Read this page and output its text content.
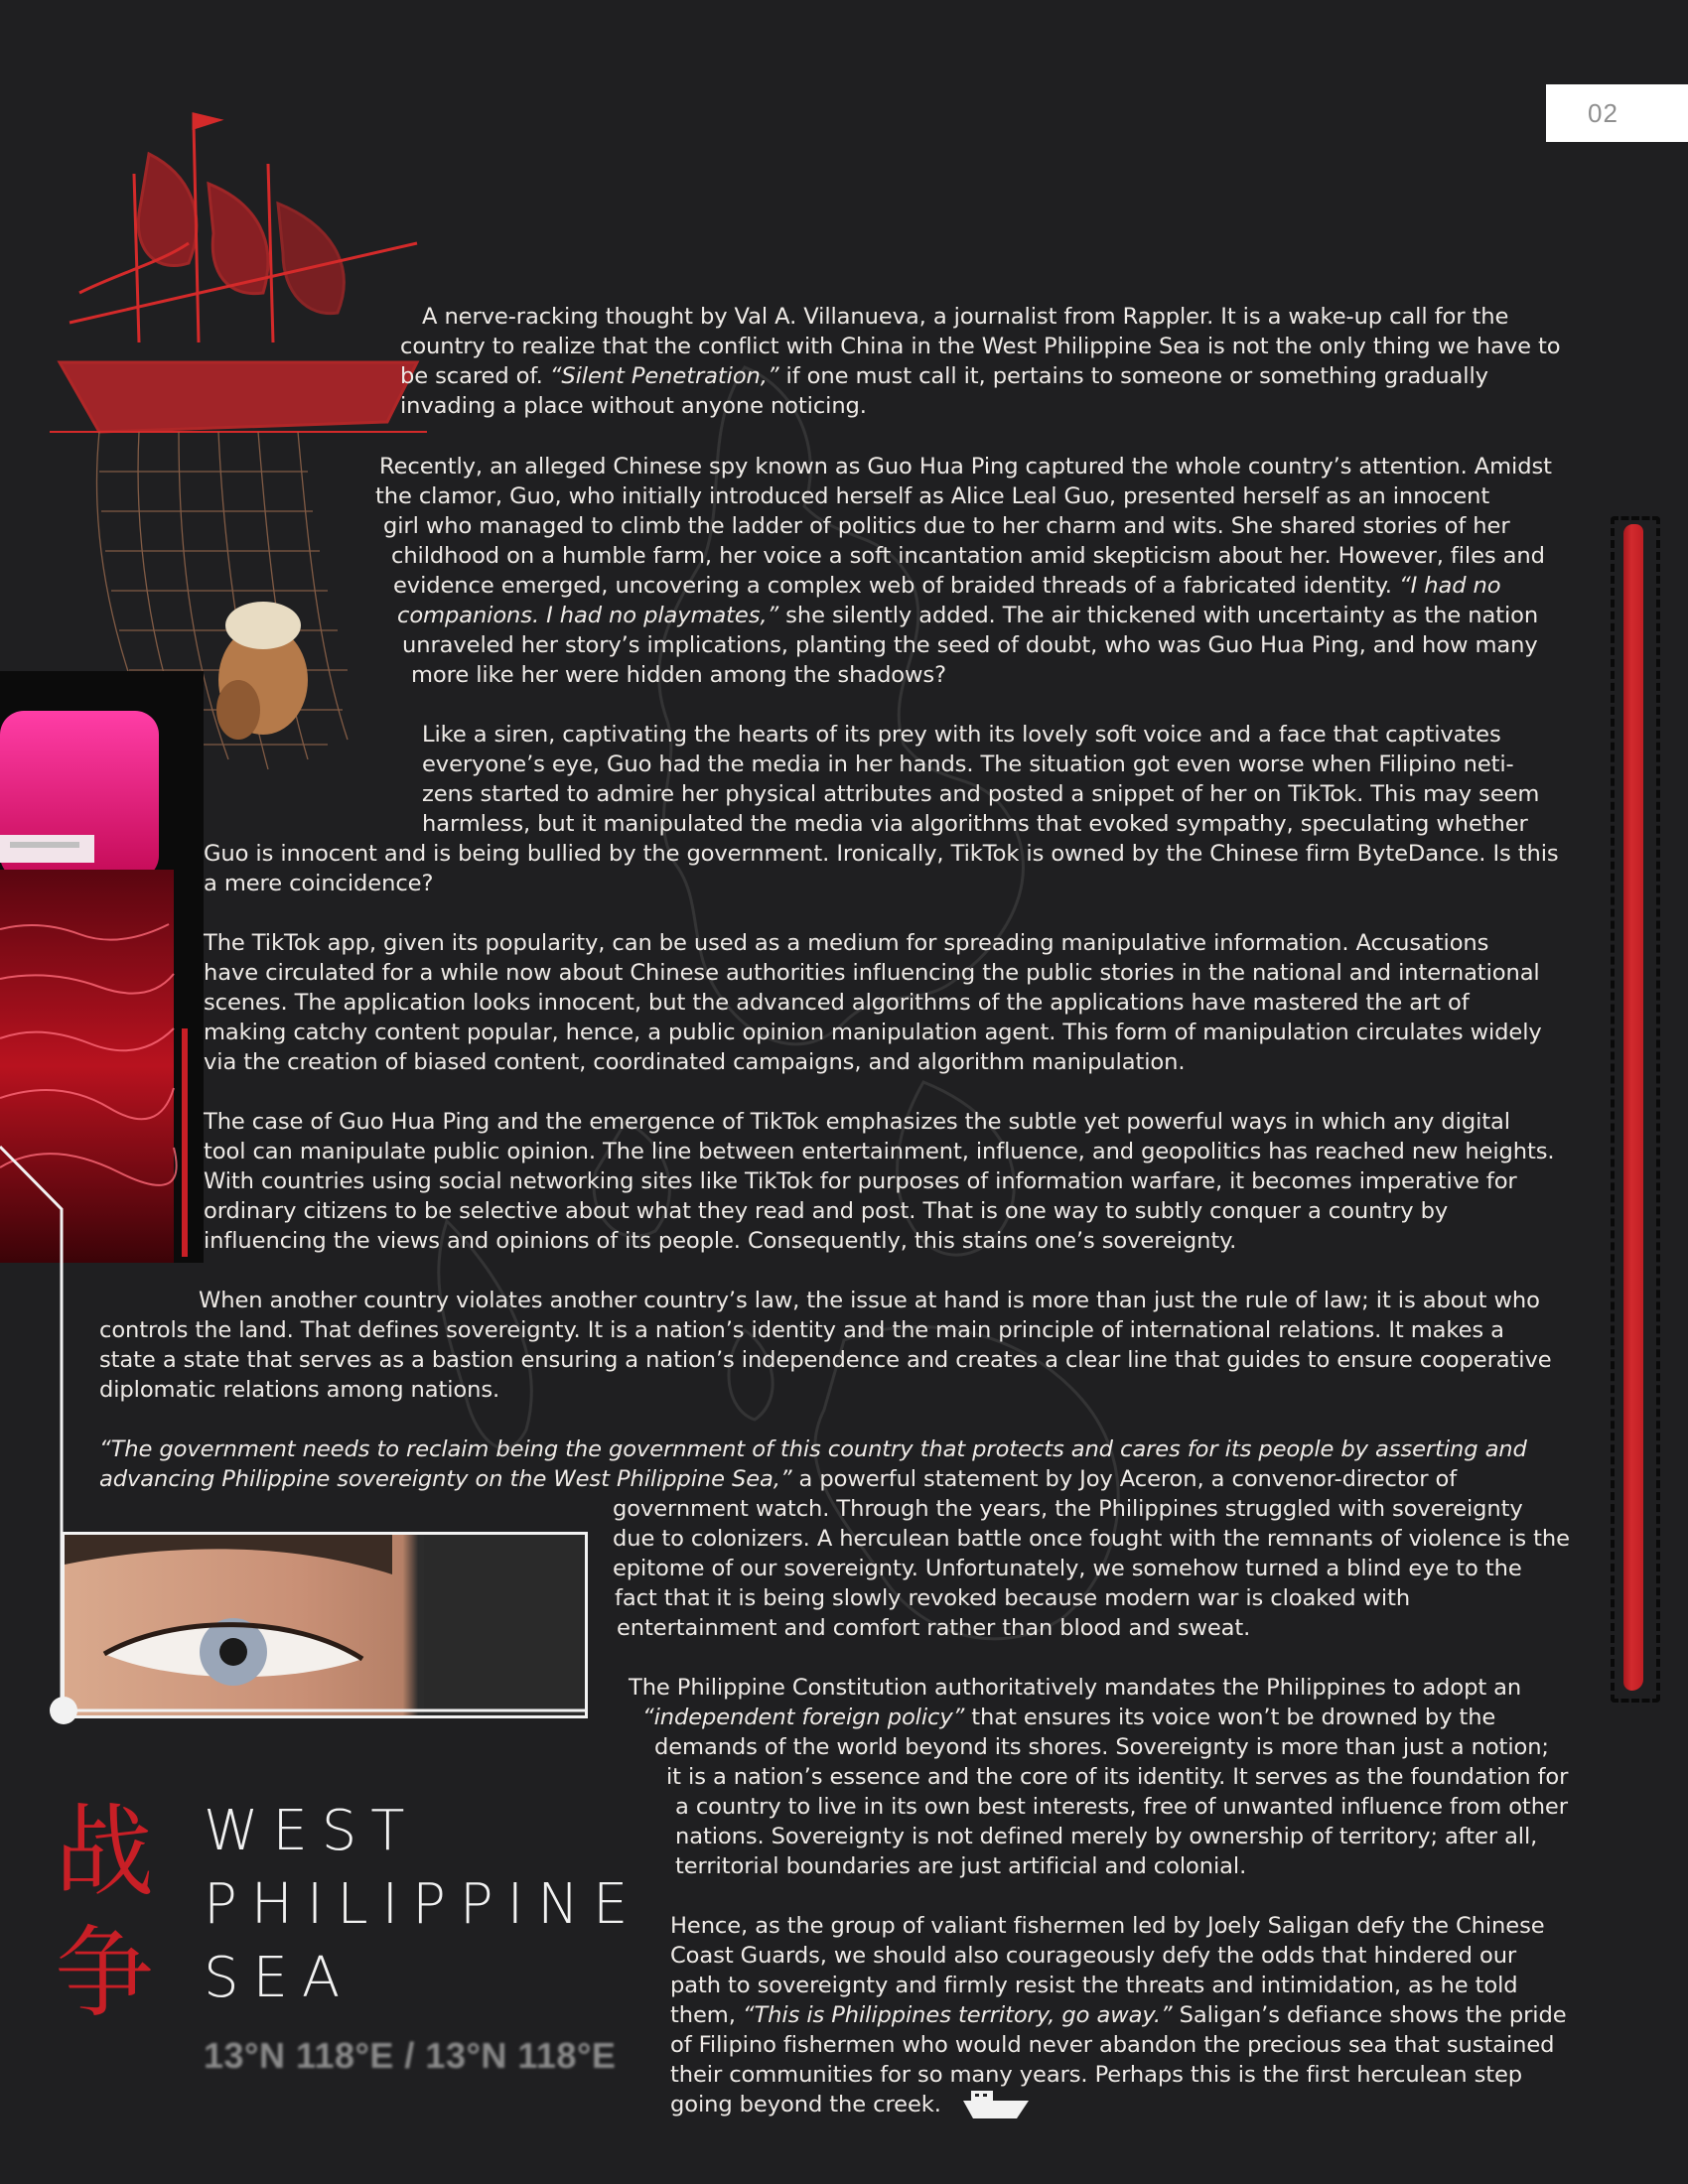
02

A nerve-racking thought by Val A. Villanueva, a journalist from Rappler. It is a wake-up call for the
country to realize that the conflict with China in the West Philippine Sea is not the only thing we have to
be scared of. “Silent Penetration,” if one must call it, pertains to someone or something gradually
invading a place without anyone noticing.

Recently, an alleged Chinese spy known as Guo Hua Ping captured the whole country’s attention. Amidst
the clamor, Guo, who initially introduced herself as Alice Leal Guo, presented herself as an innocent
girl who managed to climb the ladder of politics due to her charm and wits. She shared stories of her
childhood on a humble farm, her voice a soft incantation amid skepticism about her. However, files and
evidence emerged, uncovering a complex web of braided threads of a fabricated identity. “I had no
companions. I had no playmates,” she silently added. The air thickened with uncertainty as the nation
unraveled her story’s implications, planting the seed of doubt, who was Guo Hua Ping, and how many
more like her were hidden among the shadows?

Like a siren, captivating the hearts of its prey with its lovely soft voice and a face that captivates
everyone’s eye, Guo had the media in her hands. The situation got even worse when Filipino neti-
zens started to admire her physical attributes and posted a snippet of her on TikTok. This may seem
harmless, but it manipulated the media via algorithms that evoked sympathy, speculating whether
Guo is innocent and is being bullied by the government. Ironically, TikTok is owned by the Chinese firm ByteDance. Is this
a mere coincidence?

The TikTok app, given its popularity, can be used as a medium for spreading manipulative information. Accusations
have circulated for a while now about Chinese authorities influencing the public stories in the national and international
scenes. The application looks innocent, but the advanced algorithms of the applications have mastered the art of
making catchy content popular, hence, a public opinion manipulation agent. This form of manipulation circulates widely
via the creation of biased content, coordinated campaigns, and algorithm manipulation.

The case of Guo Hua Ping and the emergence of TikTok emphasizes the subtle yet powerful ways in which any digital
tool can manipulate public opinion. The line between entertainment, influence, and geopolitics has reached new heights.
With countries using social networking sites like TikTok for purposes of information warfare, it becomes imperative for
ordinary citizens to be selective about what they read and post. That is one way to subtly conquer a country by
influencing the views and opinions of its people. Consequently, this stains one’s sovereignty.

When another country violates another country’s law, the issue at hand is more than just the rule of law; it is about who
controls the land. That defines sovereignty. It is a nation’s identity and the main principle of international relations. It makes a
state a state that serves as a bastion ensuring a nation’s independence and creates a clear line that guides to ensure cooperative
diplomatic relations among nations.

“The government needs to reclaim being the government of this country that protects and cares for its people by asserting and
advancing Philippine sovereignty on the West Philippine Sea,” a powerful statement by Joy Aceron, a convenor-director of
government watch. Through the years, the Philippines struggled with sovereignty
due to colonizers. A herculean battle once fought with the remnants of violence is the
epitome of our sovereignty. Unfortunately, we somehow turned a blind eye to the
fact that it is being slowly revoked because modern war is cloaked with
entertainment and comfort rather than blood and sweat.

The Philippine Constitution authoritatively mandates the Philippines to adopt an
“independent foreign policy” that ensures its voice won’t be drowned by the
demands of the world beyond its shores. Sovereignty is more than just a notion;
it is a nation’s essence and the core of its identity. It serves as the foundation for
a country to live in its own best interests, free of unwanted influence from other
nations. Sovereignty is not defined merely by ownership of territory; after all,
territorial boundaries are just artificial and colonial.

Hence, as the group of valiant fishermen led by Joely Saligan defy the Chinese
Coast Guards, we should also courageously defy the odds that hindered our
path to sovereignty and firmly resist the threats and intimidation, as he told
them, “This is Philippines territory, go away.” Saligan’s defiance shows the pride
of Filipino fishermen who would never abandon the precious sea that sustained
their communities for so many years. Perhaps this is the first herculean step
going beyond the creek.

战争
WEST
PHILIPPINE
SEA
13°N 118°E / 13°N 118°E
